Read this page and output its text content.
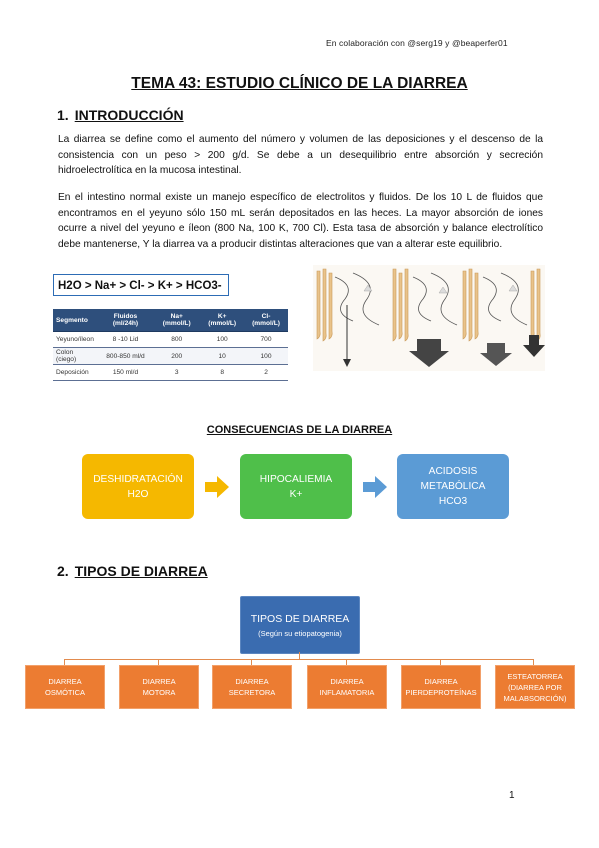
En colaboración con @serg19 y @beaperfer01
TEMA 43: ESTUDIO CLÍNICO DE LA DIARREA
1. INTRODUCCIÓN
La diarrea se define como el aumento del número y volumen de las deposiciones y el descenso de la consistencia con un peso > 200 g/d. Se debe a un desequilibrio entre absorción y secreción hidroelectrolítica en la mucosa intestinal.
En el intestino normal existe un manejo específico de electrolitos y fluidos. De los 10 L de fluidos que encontramos en el yeyuno sólo 150 mL serán depositados en las heces. La mayor absorción de iones ocurre a nivel del yeyuno e íleon (800 Na, 100 K, 700 Cl). Esta tasa de absorción y balance electrolítico debe mantenerse, Y la diarrea va a producir distintas alteraciones que van a alterar este equilibrio.
H2O > Na+ > Cl- > K+ > HCO3-
Segmento	Fluidos (ml/24h)	Na+ (mmol/L)	K+ (mmol/L)	Cl- (mmol/L)
Yeyuno/íleon	8 -10 Lid	800	100	700
Colon (ciego)	800-850 ml/d	200	10	100
Deposición	150 ml/d	3	8	2
CONSECUENCIAS DE LA DIARREA
DESHIDRATACIÓN
H2O
HIPOCALIEMIA
K+
ACIDOSIS
METABÓLICA
HCO3
2. TIPOS DE DIARREA
TIPOS DE DIARREA
(Según su etiopatogenia)
DIARREA
OSMÓTICA
DIARREA
MOTORA
DIARREA
SECRETORA
DIARREA
INFLAMATORIA
DIARREA
PIERDEPROTEÍNAS
ESTEATORREA
(DIARREA POR
MALABSORCIÓN)
1
